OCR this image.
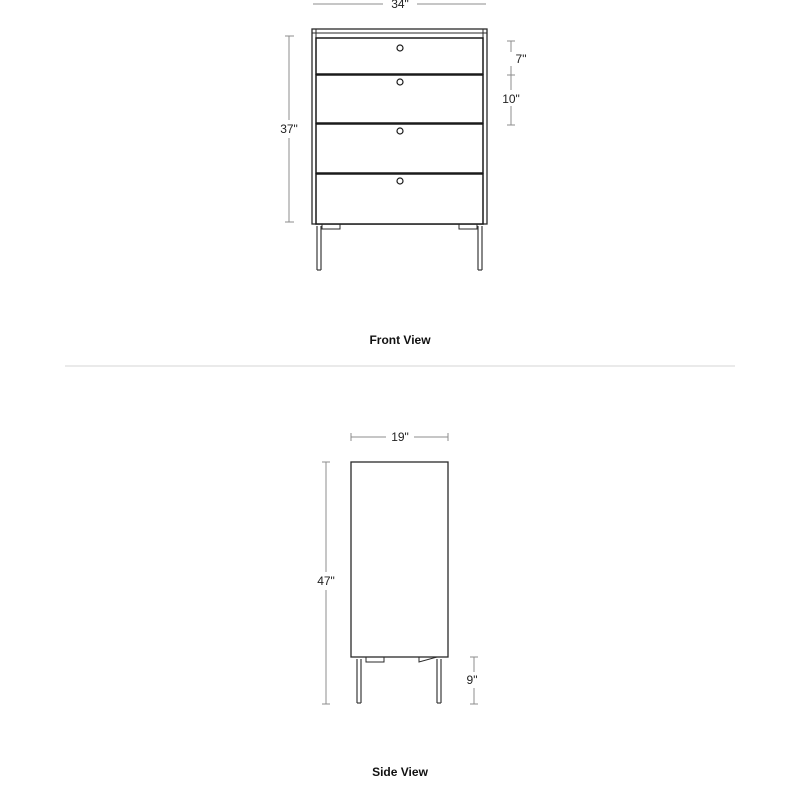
34"
37"
7"
10"
Front View
19"
47"
9"
Side View
